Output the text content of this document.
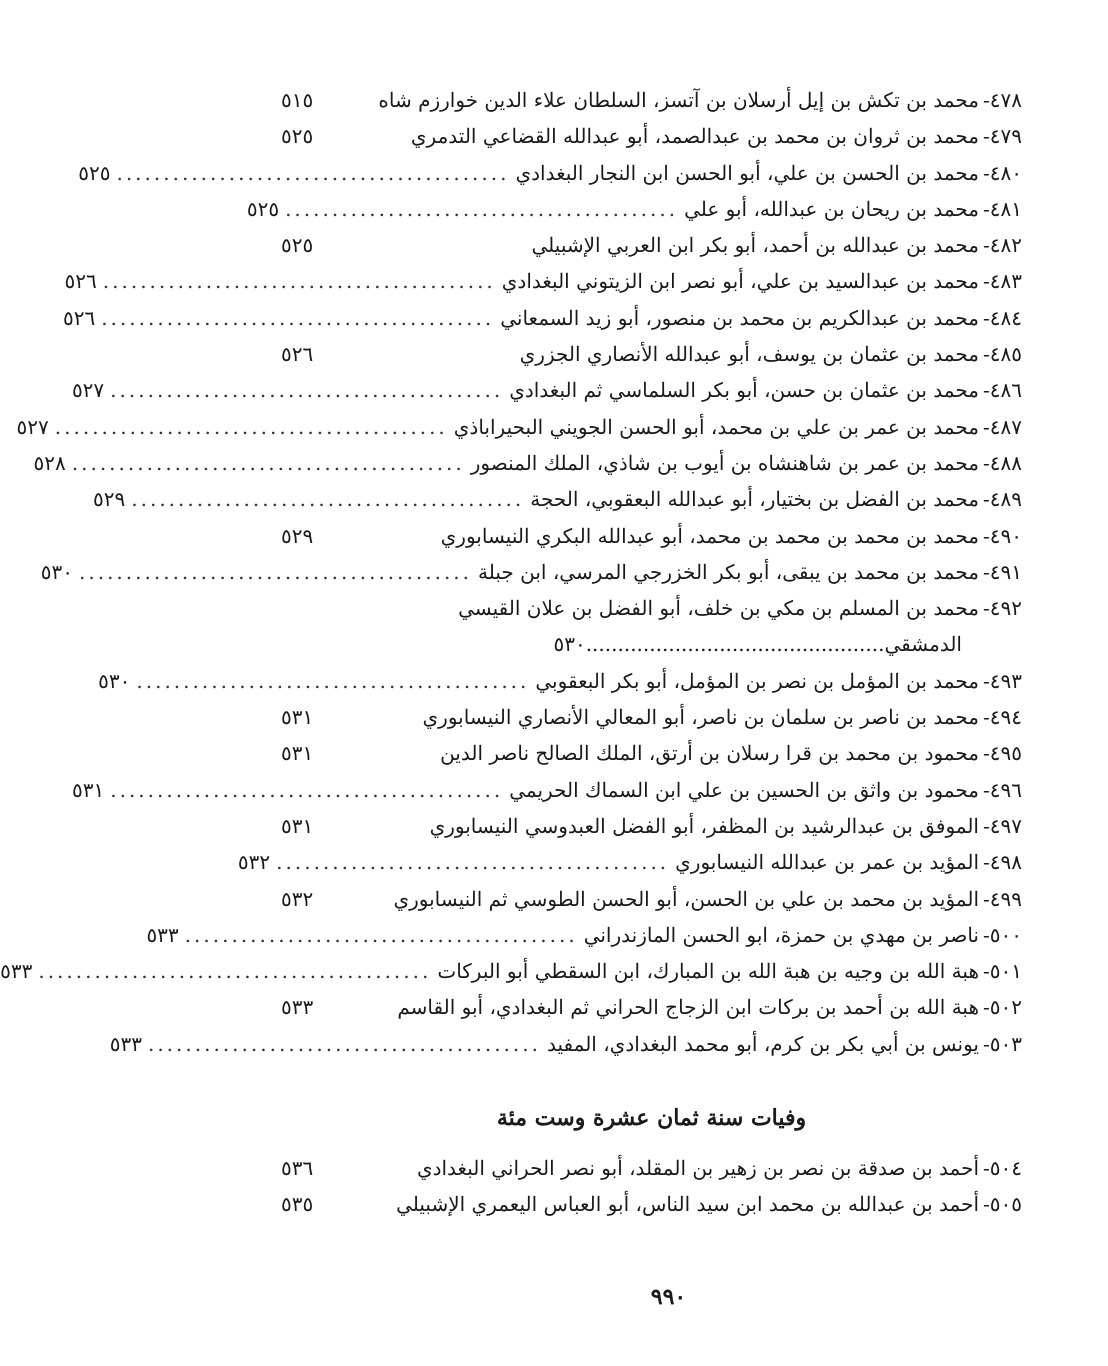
٤٧٨-
محمد بن تكش بن إيل أرسلان بن آتسز، السلطان علاء الدين خوارزم شاه
٥١٥
٤٧٩-
محمد بن ثروان بن محمد بن عبدالصمد، أبو عبدالله القضاعي التدمري
٥٢٥
٤٨٠-
محمد بن الحسن بن علي، أبو الحسن ابن النجار البغدادي
..........................................
٥٢٥
٤٨١-
محمد بن ريحان بن عبدالله، أبو علي
..........................................
٥٢٥
٤٨٢-
محمد بن عبدالله بن أحمد، أبو بكر ابن العربي الإشبيلي
٥٢٥
٤٨٣-
محمد بن عبدالسيد بن علي، أبو نصر ابن الزيتوني البغدادي
..........................................
٥٢٦
٤٨٤-
محمد بن عبدالكريم بن محمد بن منصور، أبو زيد السمعاني
..........................................
٥٢٦
٤٨٥-
محمد بن عثمان بن يوسف، أبو عبدالله الأنصاري الجزري
٥٢٦
٤٨٦-
محمد بن عثمان بن حسن، أبو بكر السلماسي ثم البغدادي
..........................................
٥٢٧
٤٨٧-
محمد بن عمر بن علي بن محمد، أبو الحسن الجويني البحيراباذي
..........................................
٥٢٧
٤٨٨-
محمد بن عمر بن شاهنشاه بن أيوب بن شاذي، الملك المنصور
..........................................
٥٢٨
٤٨٩-
محمد بن الفضل بن بختيار، أبو عبدالله البعقوبي، الحجة
..........................................
٥٢٩
٤٩٠-
محمد بن محمد بن محمد بن محمد، أبو عبدالله البكري النيسابوري
٥٢٩
٤٩١-
محمد بن محمد بن يبقى، أبو بكر الخزرجي المرسي، ابن جبلة
..........................................
٥٣٠
٤٩٢-
محمد بن المسلم بن مكي بن خلف، أبو الفضل بن علان القيسي
الدمشقي
...............................................
٥٣٠
٤٩٣-
محمد بن المؤمل بن نصر بن المؤمل، أبو بكر البعقوبي
..........................................
٥٣٠
٤٩٤-
محمد بن ناصر بن سلمان بن ناصر، أبو المعالي الأنصاري النيسابوري
٥٣١
٤٩٥-
محمود بن محمد بن قرا رسلان بن أرتق، الملك الصالح ناصر الدين
٥٣١
٤٩٦-
محمود بن واثق بن الحسين بن علي ابن السماك الحريمي
..........................................
٥٣١
٤٩٧-
الموفق بن عبدالرشيد بن المظفر، أبو الفضل العبدوسي النيسابوري
٥٣١
٤٩٨-
المؤيد بن عمر بن عبدالله النيسابوري
..........................................
٥٣٢
٤٩٩-
المؤيد بن محمد بن علي بن الحسن، أبو الحسن الطوسي ثم النيسابوري
٥٣٢
٥٠٠-
ناصر بن مهدي بن حمزة، ابو الحسن المازندراني
..........................................
٥٣٣
٥٠١-
هبة الله بن وجيه بن هبة الله بن المبارك، ابن السقطي أبو البركات
..........................................
٥٣٣
٥٠٢-
هبة الله بن أحمد بن بركات ابن الزجاج الحراني ثم البغدادي، أبو القاسم
٥٣٣
٥٠٣-
يونس بن أبي بكر بن كرم، أبو محمد البغدادي، المفيد
..........................................
٥٣٣
وفيات سنة ثمان عشرة وست مئة
٥٠٤-
أحمد بن صدقة بن نصر بن زهير بن المقلد، أبو نصر الحراني البغدادي
٥٣٦
٥٠٥-
أحمد بن عبدالله بن محمد ابن سيد الناس، أبو العباس اليعمري الإشبيلي
٥٣٥
٩٩٠
